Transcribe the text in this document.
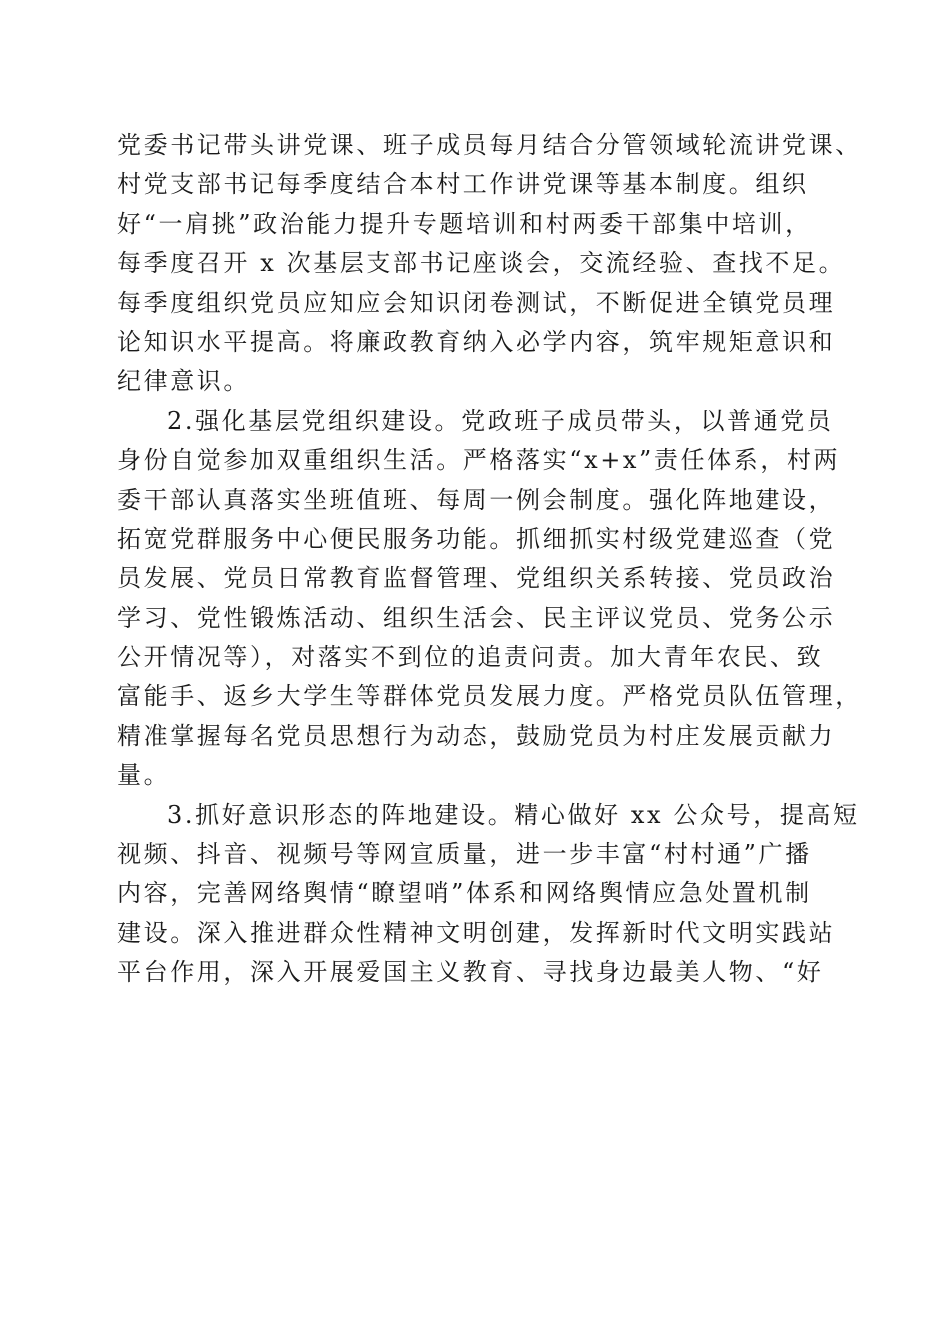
党委书记带头讲党课、班子成员每月结合分管领域轮流讲党课、
村党支部书记每季度结合本村工作讲党课等基本制度。组织
好“一肩挑”政治能力提升专题培训和村两委干部集中培训，
每季度召开 x 次基层支部书记座谈会，交流经验、查找不足。
每季度组织党员应知应会知识闭卷测试，不断促进全镇党员理
论知识水平提高。将廉政教育纳入必学内容，筑牢规矩意识和
纪律意识。
2.强化基层党组织建设。党政班子成员带头，以普通党员
身份自觉参加双重组织生活。严格落实“x+x”责任体系，村两
委干部认真落实坐班值班、每周一例会制度。强化阵地建设，
拓宽党群服务中心便民服务功能。抓细抓实村级党建巡查（党
员发展、党员日常教育监督管理、党组织关系转接、党员政治
学习、党性锻炼活动、组织生活会、民主评议党员、党务公示
公开情况等），对落实不到位的追责问责。加大青年农民、致
富能手、返乡大学生等群体党员发展力度。严格党员队伍管理，
精准掌握每名党员思想行为动态，鼓励党员为村庄发展贡献力
量。
3.抓好意识形态的阵地建设。精心做好 xx 公众号，提高短
视频、抖音、视频号等网宣质量，进一步丰富“村村通”广播
内容，完善网络舆情“瞭望哨”体系和网络舆情应急处置机制
建设。深入推进群众性精神文明创建，发挥新时代文明实践站
平台作用，深入开展爱国主义教育、寻找身边最美人物、“好
